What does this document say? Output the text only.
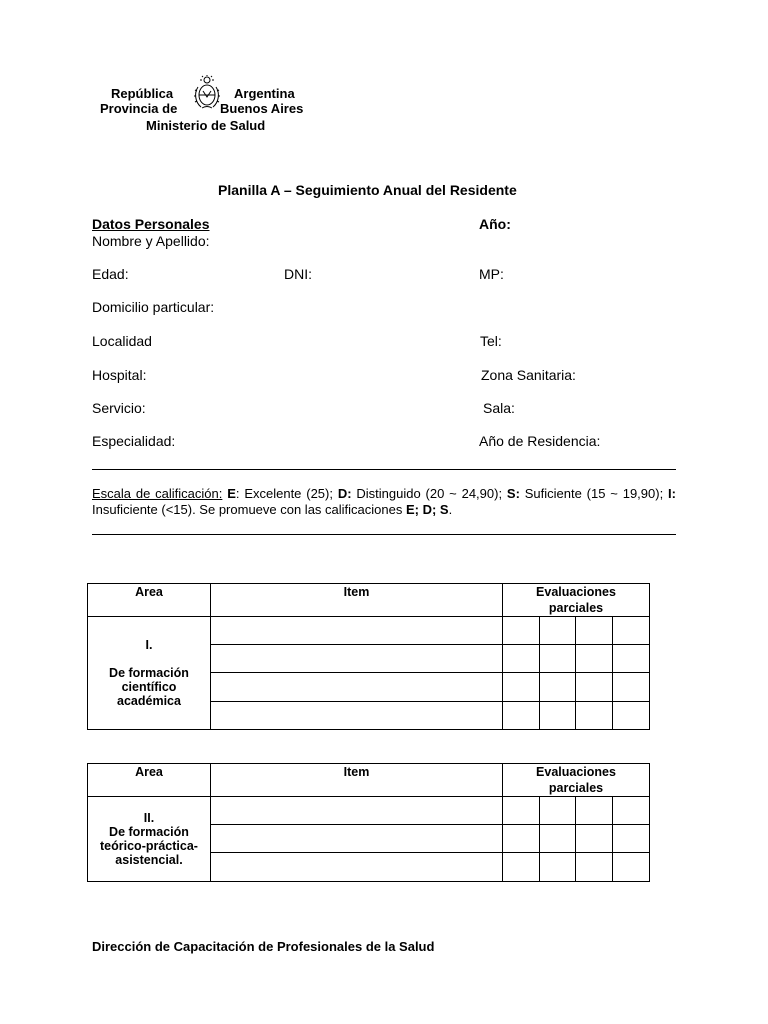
República	Argentina
Provincia de	Buenos Aires
Ministerio de Salud
Planilla A – Seguimiento Anual del Residente
Datos Personales	Año:
Nombre y Apellido:
Edad:	DNI:	MP:
Domicilio particular:
Localidad	Tel:
Hospital:	Zona Sanitaria:
Servicio:	Sala:
Especialidad:	Año de Residencia:
Escala de calificación: E: Excelente (25); D: Distinguido (20 ~ 24,90); S: Suficiente (15 ~ 19,90); I: Insuficiente (<15). Se promueve con las calificaciones E; D; S.
Area	Item	Evaluaciones
parciales			
I.

De formación
científico
académica					

Area	Item	Evaluaciones
parciales			
II.
De formación
teórico-práctica-
asistencial.					

Dirección de Capacitación de Profesionales de la Salud
